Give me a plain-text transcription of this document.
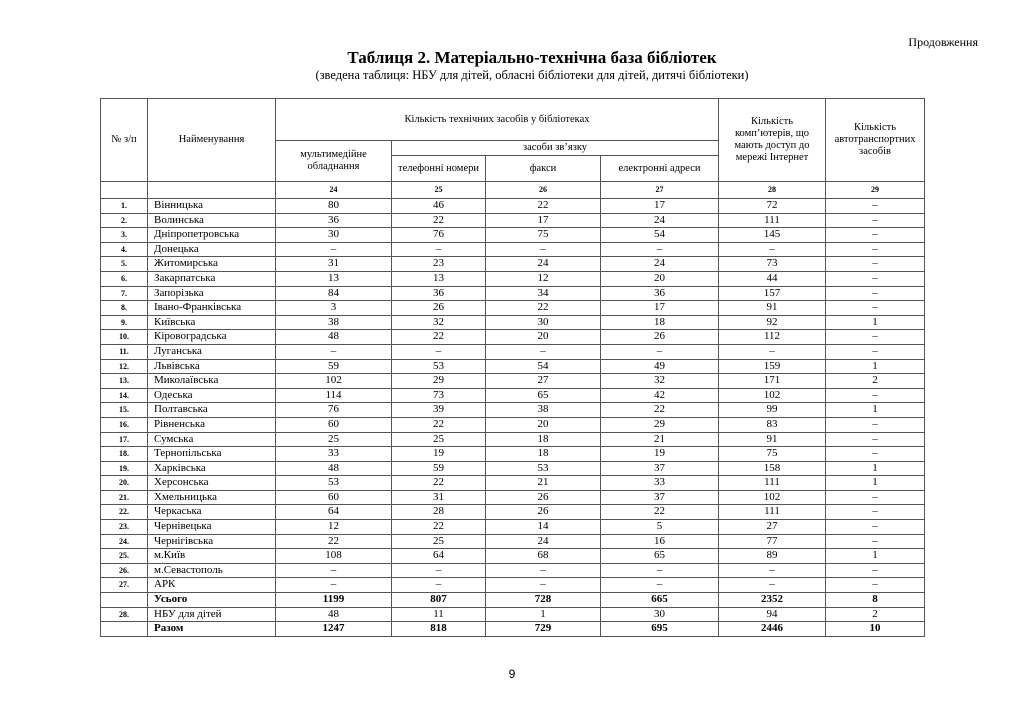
Продовження
Таблиця 2. Матеріально-технічна база бібліотек
(зведена таблиця: НБУ для дітей, обласні бібліотеки для дітей, дитячі бібліотеки)
№ з/п	Найменування	Кількість технічних засобів у бібліотеках				Кількість комп’ютерів, що мають доступ до мережі Інтернет	Кількість автотранспортних засобів
		мультимедійне обладнання	засоби зв’язку				
			телефонні номери	факси	електронні адреси		
		24	25	26	27	28	29
1.	Вінницька	80	46	22	17	72	–
2.	Волинська	36	22	17	24	111	–
3.	Дніпропетровська	30	76	75	54	145	–
4.	Донецька	–	–	–	–	–	–
5.	Житомирська	31	23	24	24	73	–
6.	Закарпатська	13	13	12	20	44	–
7.	Запорізька	84	36	34	36	157	–
8.	Івано-Франківська	3	26	22	17	91	–
9.	Київська	38	32	30	18	92	1
10.	Кіровоградська	48	22	20	26	112	–
11.	Луганська	–	–	–	–	–	–
12.	Львівська	59	53	54	49	159	1
13.	Миколаївська	102	29	27	32	171	2
14.	Одеська	114	73	65	42	102	–
15.	Полтавська	76	39	38	22	99	1
16.	Рівненська	60	22	20	29	83	–
17.	Сумська	25	25	18	21	91	–
18.	Тернопільська	33	19	18	19	75	–
19.	Харківська	48	59	53	37	158	1
20.	Херсонська	53	22	21	33	111	1
21.	Хмельницька	60	31	26	37	102	–
22.	Черкаська	64	28	26	22	111	–
23.	Чернівецька	12	22	14	5	27	–
24.	Чернігівська	22	25	24	16	77	–
25.	м.Київ	108	64	68	65	89	1
26.	м.Севастополь	–	–	–	–	–	–
27.	АРК	–	–	–	–	–	–
	Усього	1199	807	728	665	2352	8
28.	НБУ для дітей	48	11	1	30	94	2
	Разом	1247	818	729	695	2446	10
9
